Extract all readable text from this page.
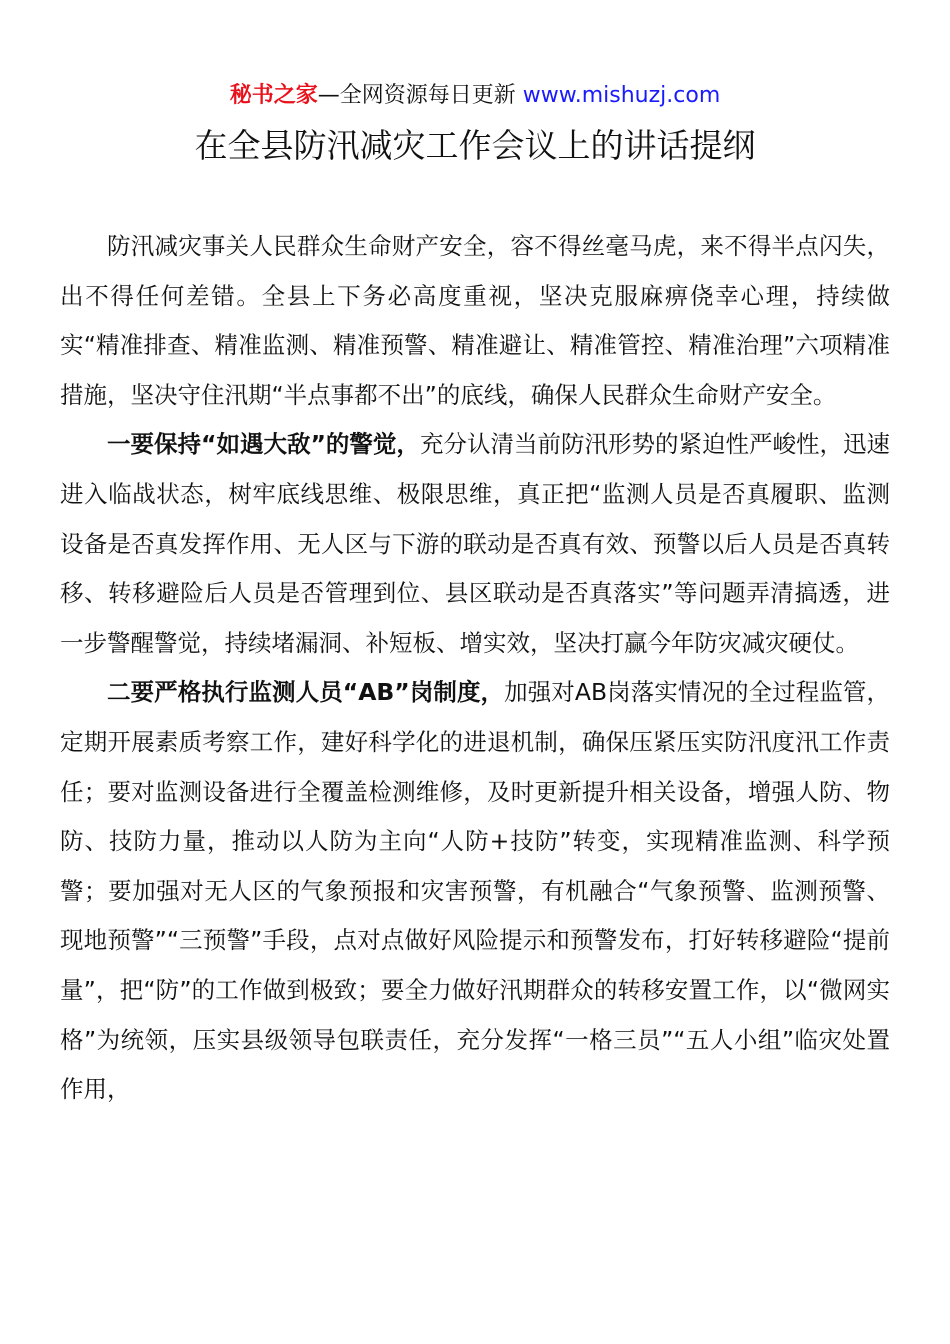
秘书之家—全网资源每日更新 www.mishuzj.com
在全县防汛减灾工作会议上的讲话提纲

防汛减灾事关人民群众生命财产安全，容不得丝毫马虎，来不得半点闪失，出不得任何差错。全县上下务必高度重视，坚决克服麻痹侥幸心理，持续做实“精准排查、精准监测、精准预警、精准避让、精准管控、精准治理”六项精准措施，坚决守住汛期“半点事都不出”的底线，确保人民群众生命财产安全。

一要保持“如遇大敌”的警觉，充分认清当前防汛形势的紧迫性严峻性，迅速进入临战状态，树牢底线思维、极限思维，真正把“监测人员是否真履职、监测设备是否真发挥作用、无人区与下游的联动是否真有效、预警以后人员是否真转移、转移避险后人员是否管理到位、县区联动是否真落实”等问题弄清搞透，进一步警醒警觉，持续堵漏洞、补短板、增实效，坚决打赢今年防灾减灾硬仗。

二要严格执行监测人员“AB”岗制度，加强对AB岗落实情况的全过程监管，定期开展素质考察工作，建好科学化的进退机制，确保压紧压实防汛度汛工作责任；要对监测设备进行全覆盖检测维修，及时更新提升相关设备，增强人防、物防、技防力量，推动以人防为主向“人防+技防”转变，实现精准监测、科学预警；要加强对无人区的气象预报和灾害预警，有机融合“气象预警、监测预警、现地预警”“三预警”手段，点对点做好风险提示和预警发布，打好转移避险“提前量”，把“防”的工作做到极致；要全力做好汛期群众的转移安置工作，以“微网实格”为统领，压实县级领导包联责任，充分发挥“一格三员”“五人小组”临灾处置作用，
